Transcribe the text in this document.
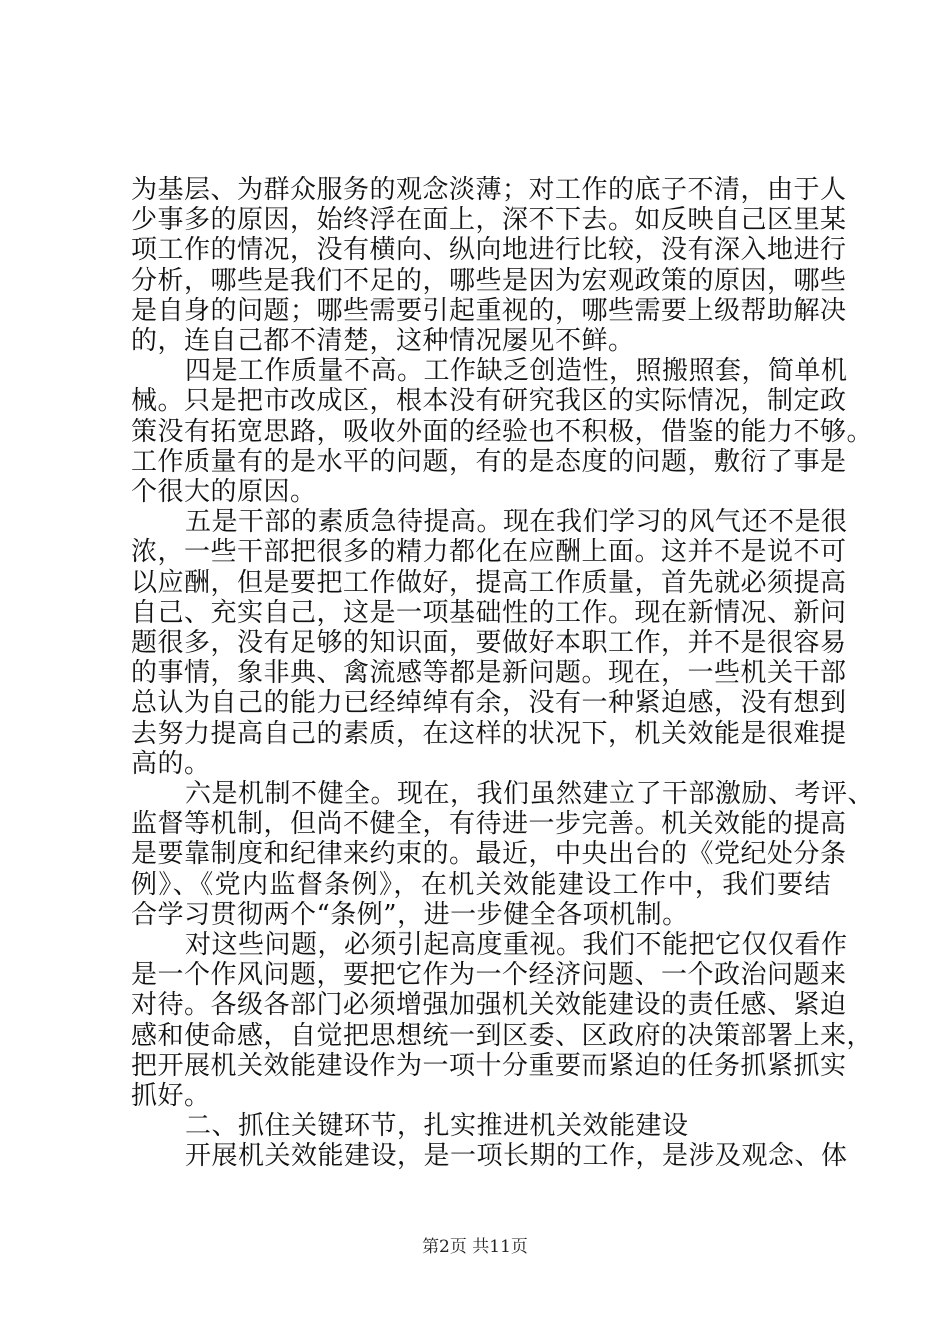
为基层、为群众服务的观念淡薄；对工作的底子不清，由于人
少事多的原因，始终浮在面上，深不下去。如反映自己区里某
项工作的情况，没有横向、纵向地进行比较，没有深入地进行
分析，哪些是我们不足的，哪些是因为宏观政策的原因，哪些
是自身的问题；哪些需要引起重视的，哪些需要上级帮助解决
的，连自己都不清楚，这种情况屡见不鲜。
四是工作质量不高。工作缺乏创造性，照搬照套，简单机
械。只是把市改成区，根本没有研究我区的实际情况，制定政
策没有拓宽思路，吸收外面的经验也不积极，借鉴的能力不够。
工作质量有的是水平的问题，有的是态度的问题，敷衍了事是
个很大的原因。
五是干部的素质急待提高。现在我们学习的风气还不是很
浓，一些干部把很多的精力都化在应酬上面。这并不是说不可
以应酬，但是要把工作做好，提高工作质量，首先就必须提高
自己、充实自己，这是一项基础性的工作。现在新情况、新问
题很多，没有足够的知识面，要做好本职工作，并不是很容易
的事情，象非典、禽流感等都是新问题。现在，一些机关干部
总认为自己的能力已经绰绰有余，没有一种紧迫感，没有想到
去努力提高自己的素质，在这样的状况下，机关效能是很难提
高的。
六是机制不健全。现在，我们虽然建立了干部激励、考评、
监督等机制，但尚不健全，有待进一步完善。机关效能的提高
是要靠制度和纪律来约束的。最近，中央出台的《党纪处分条
例》、《党内监督条例》，在机关效能建设工作中，我们要结
合学习贯彻两个“条例”，进一步健全各项机制。
对这些问题，必须引起高度重视。我们不能把它仅仅看作
是一个作风问题，要把它作为一个经济问题、一个政治问题来
对待。各级各部门必须增强加强机关效能建设的责任感、紧迫
感和使命感，自觉把思想统一到区委、区政府的决策部署上来，
把开展机关效能建设作为一项十分重要而紧迫的任务抓紧抓实
抓好。
二、抓住关键环节，扎实推进机关效能建设
开展机关效能建设，是一项长期的工作，是涉及观念、体
第2页 共11页
